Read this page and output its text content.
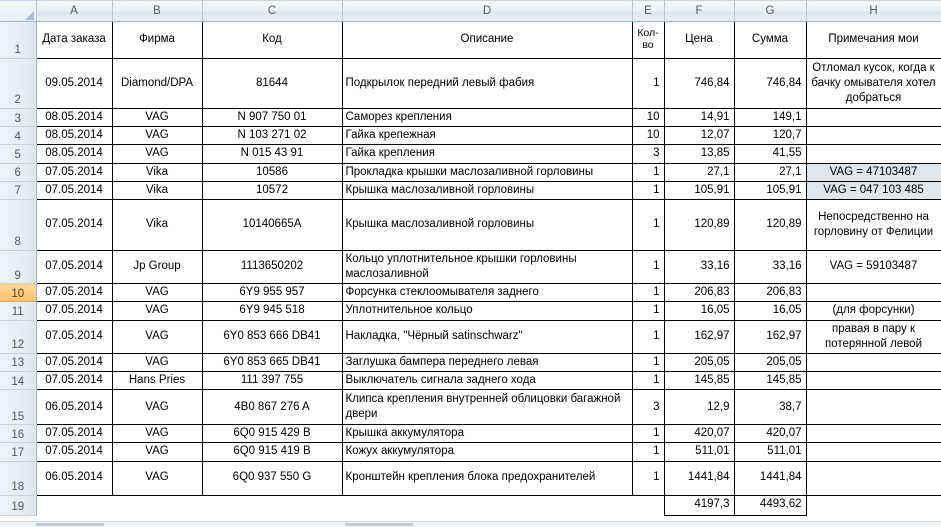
	A	B	C	D	E	F	G	H
1	Дата заказа	Фирма	Код	Описание	Кол-во	Цена	Сумма	Примечания мои
2	09.05.2014	Diamond/DPA	81644	Подкрылок передний левый фабия	1	746,84	746,84	Отломал кусок, когда к бачку омывателя хотел добраться
3	08.05.2014	VAG	N 907 750 01	Саморез крепления	10	14,91	149,1	
4	08.05.2014	VAG	N 103 271 02	Гайка крепежная	10	12,07	120,7	
5	08.05.2014	VAG	N 015 43 91	Гайка крепления	3	13,85	41,55	
6	07.05.2014	Vika	10586	Прокладка крышки маслозаливной горловины	1	27,1	27,1	VAG = 47103487
7	07.05.2014	Vika	10572	Крышка маслозаливной горловины	1	105,91	105,91	VAG = 047 103 485
8	07.05.2014	Vika	10140665A	Крышка маслозаливной горловины	1	120,89	120,89	Непосредственно на горловину от Фелиции
9	07.05.2014	Jp Group	1113650202	Кольцо уплотнительное крышки горловины маслозаливной	1	33,16	33,16	VAG = 59103487
10	07.05.2014	VAG	6Y9 955 957	Форсунка стеклоомывателя заднего	1	206,83	206,83	
11	07.05.2014	VAG	6Y9 945 518	Уплотнительное кольцо	1	16,05	16,05	(для форсунки)
12	07.05.2014	VAG	6Y0 853 666 DB41	Накладка, "Чёрный satinschwarz"	1	162,97	162,97	правая в пару к потерянной левой
13	07.05.2014	VAG	6Y0 853 665 DB41	Заглушка бампера переднего левая	1	205,05	205,05	
14	07.05.2014	Hans Pries	111 397 755	Выключатель сигнала заднего хода	1	145,85	145,85	
15	06.05.2014	VAG	4B0 867 276 A	Клипса крепления внутренней облицовки багажной двери	3	12,9	38,7	
16	07.05.2014	VAG	6Q0 915 429 B	Крышка аккумулятора	1	420,07	420,07	
17	07.05.2014	VAG	6Q0 915 419 B	Кожух аккумулятора	1	511,01	511,01	
18	06.05.2014	VAG	6Q0 937 550 G	Кронштейн крепления блока предохранителей	1	1441,84	1441,84	
19						4197,3	4493,62	
